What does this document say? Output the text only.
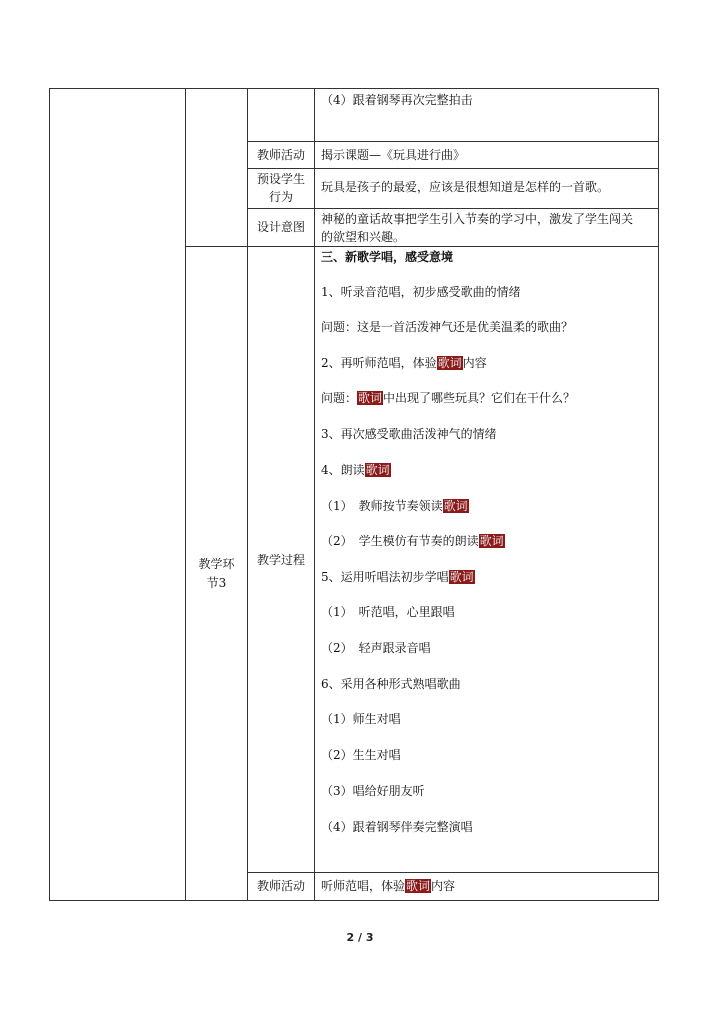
（4）跟着钢琴再次完整拍击
教师活动	揭示课题—《玩具进行曲》
预设学生
行为
玩具是孩子的最爱，应该是很想知道是怎样的一首歌。
设计意图
神秘的童话故事把学生引入节奏的学习中，激发了学生闯关
的欲望和兴趣。
教学环
节3
教学过程
三、新歌学唱，感受意境
1、听录音范唱，初步感受歌曲的情绪
问题：这是一首活泼神气还是优美温柔的歌曲？
2、再听师范唱，体验歌词内容
问题：歌词中出现了哪些玩具？它们在干什么？
3、再次感受歌曲活泼神气的情绪
4、朗读歌词
（1）　教师按节奏领读歌词
（2）　学生模仿有节奏的朗读歌词
5、运用听唱法初步学唱歌词
（1）　听范唱，心里跟唱
（2）　轻声跟录音唱
6、采用各种形式熟唱歌曲
（1）师生对唱
（2）生生对唱
（3）唱给好朋友听
（4）跟着钢琴伴奏完整演唱
教师活动	听师范唱，体验歌词内容
2 / 3
